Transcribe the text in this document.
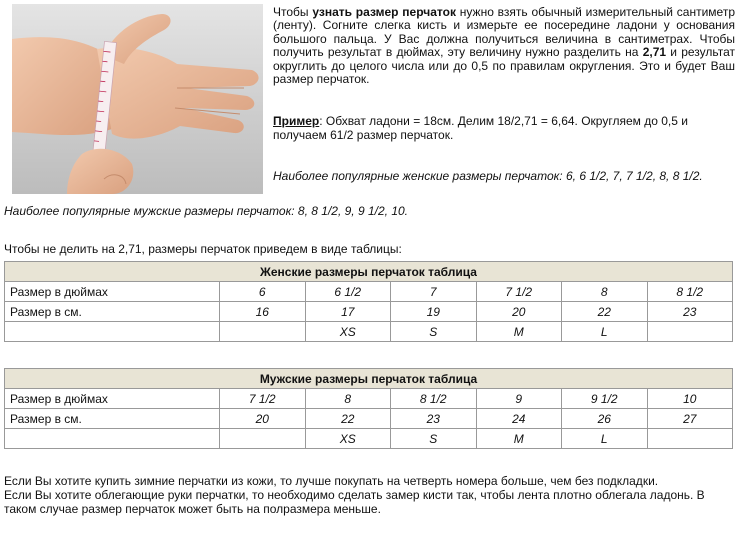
Чтобы узнать размер перчаток нужно взять обычный измерительный сантиметр (ленту). Согните слегка кисть и измерьте ее посередине ладони у основания большого пальца. У Вас должна получиться величина в сантиметрах. Чтобы получить результат в дюймах, эту величину нужно разделить на 2,71 и результат округлить до целого числа или до 0,5 по правилам округления. Это и будет Ваш размер перчаток.
Пример: Обхват ладони = 18см. Делим 18/2,71 = 6,64. Округляем до 0,5 и получаем 61/2 размер перчаток.
Наиболее популярные женские размеры перчаток: 6, 6 1/2, 7, 7 1/2, 8, 8 1/2.
Наиболее популярные мужские размеры перчаток: 8, 8 1/2, 9, 9 1/2, 10.
Чтобы не делить на 2,71, размеры перчаток приведем в виде таблицы:
Женские размеры перчаток таблица						
Размер в дюймах	6	6 1/2	7	7 1/2	8	8 1/2
Размер в см.	16	17	19	20	22	23
		XS	S	M	L	
Мужские размеры перчаток таблица						
Размер в дюймах	7 1/2	8	8 1/2	9	9 1/2	10
Размер в см.	20	22	23	24	26	27
		XS	S	M	L	

Если Вы хотите купить зимние перчатки из кожи, то лучше покупать на четверть номера больше, чем без подкладки.

Если Вы хотите облегающие руки перчатки, то необходимо сделать замер кисти так, чтобы лента плотно облегала ладонь. В таком случае размер перчаток может быть на полразмера меньше.
